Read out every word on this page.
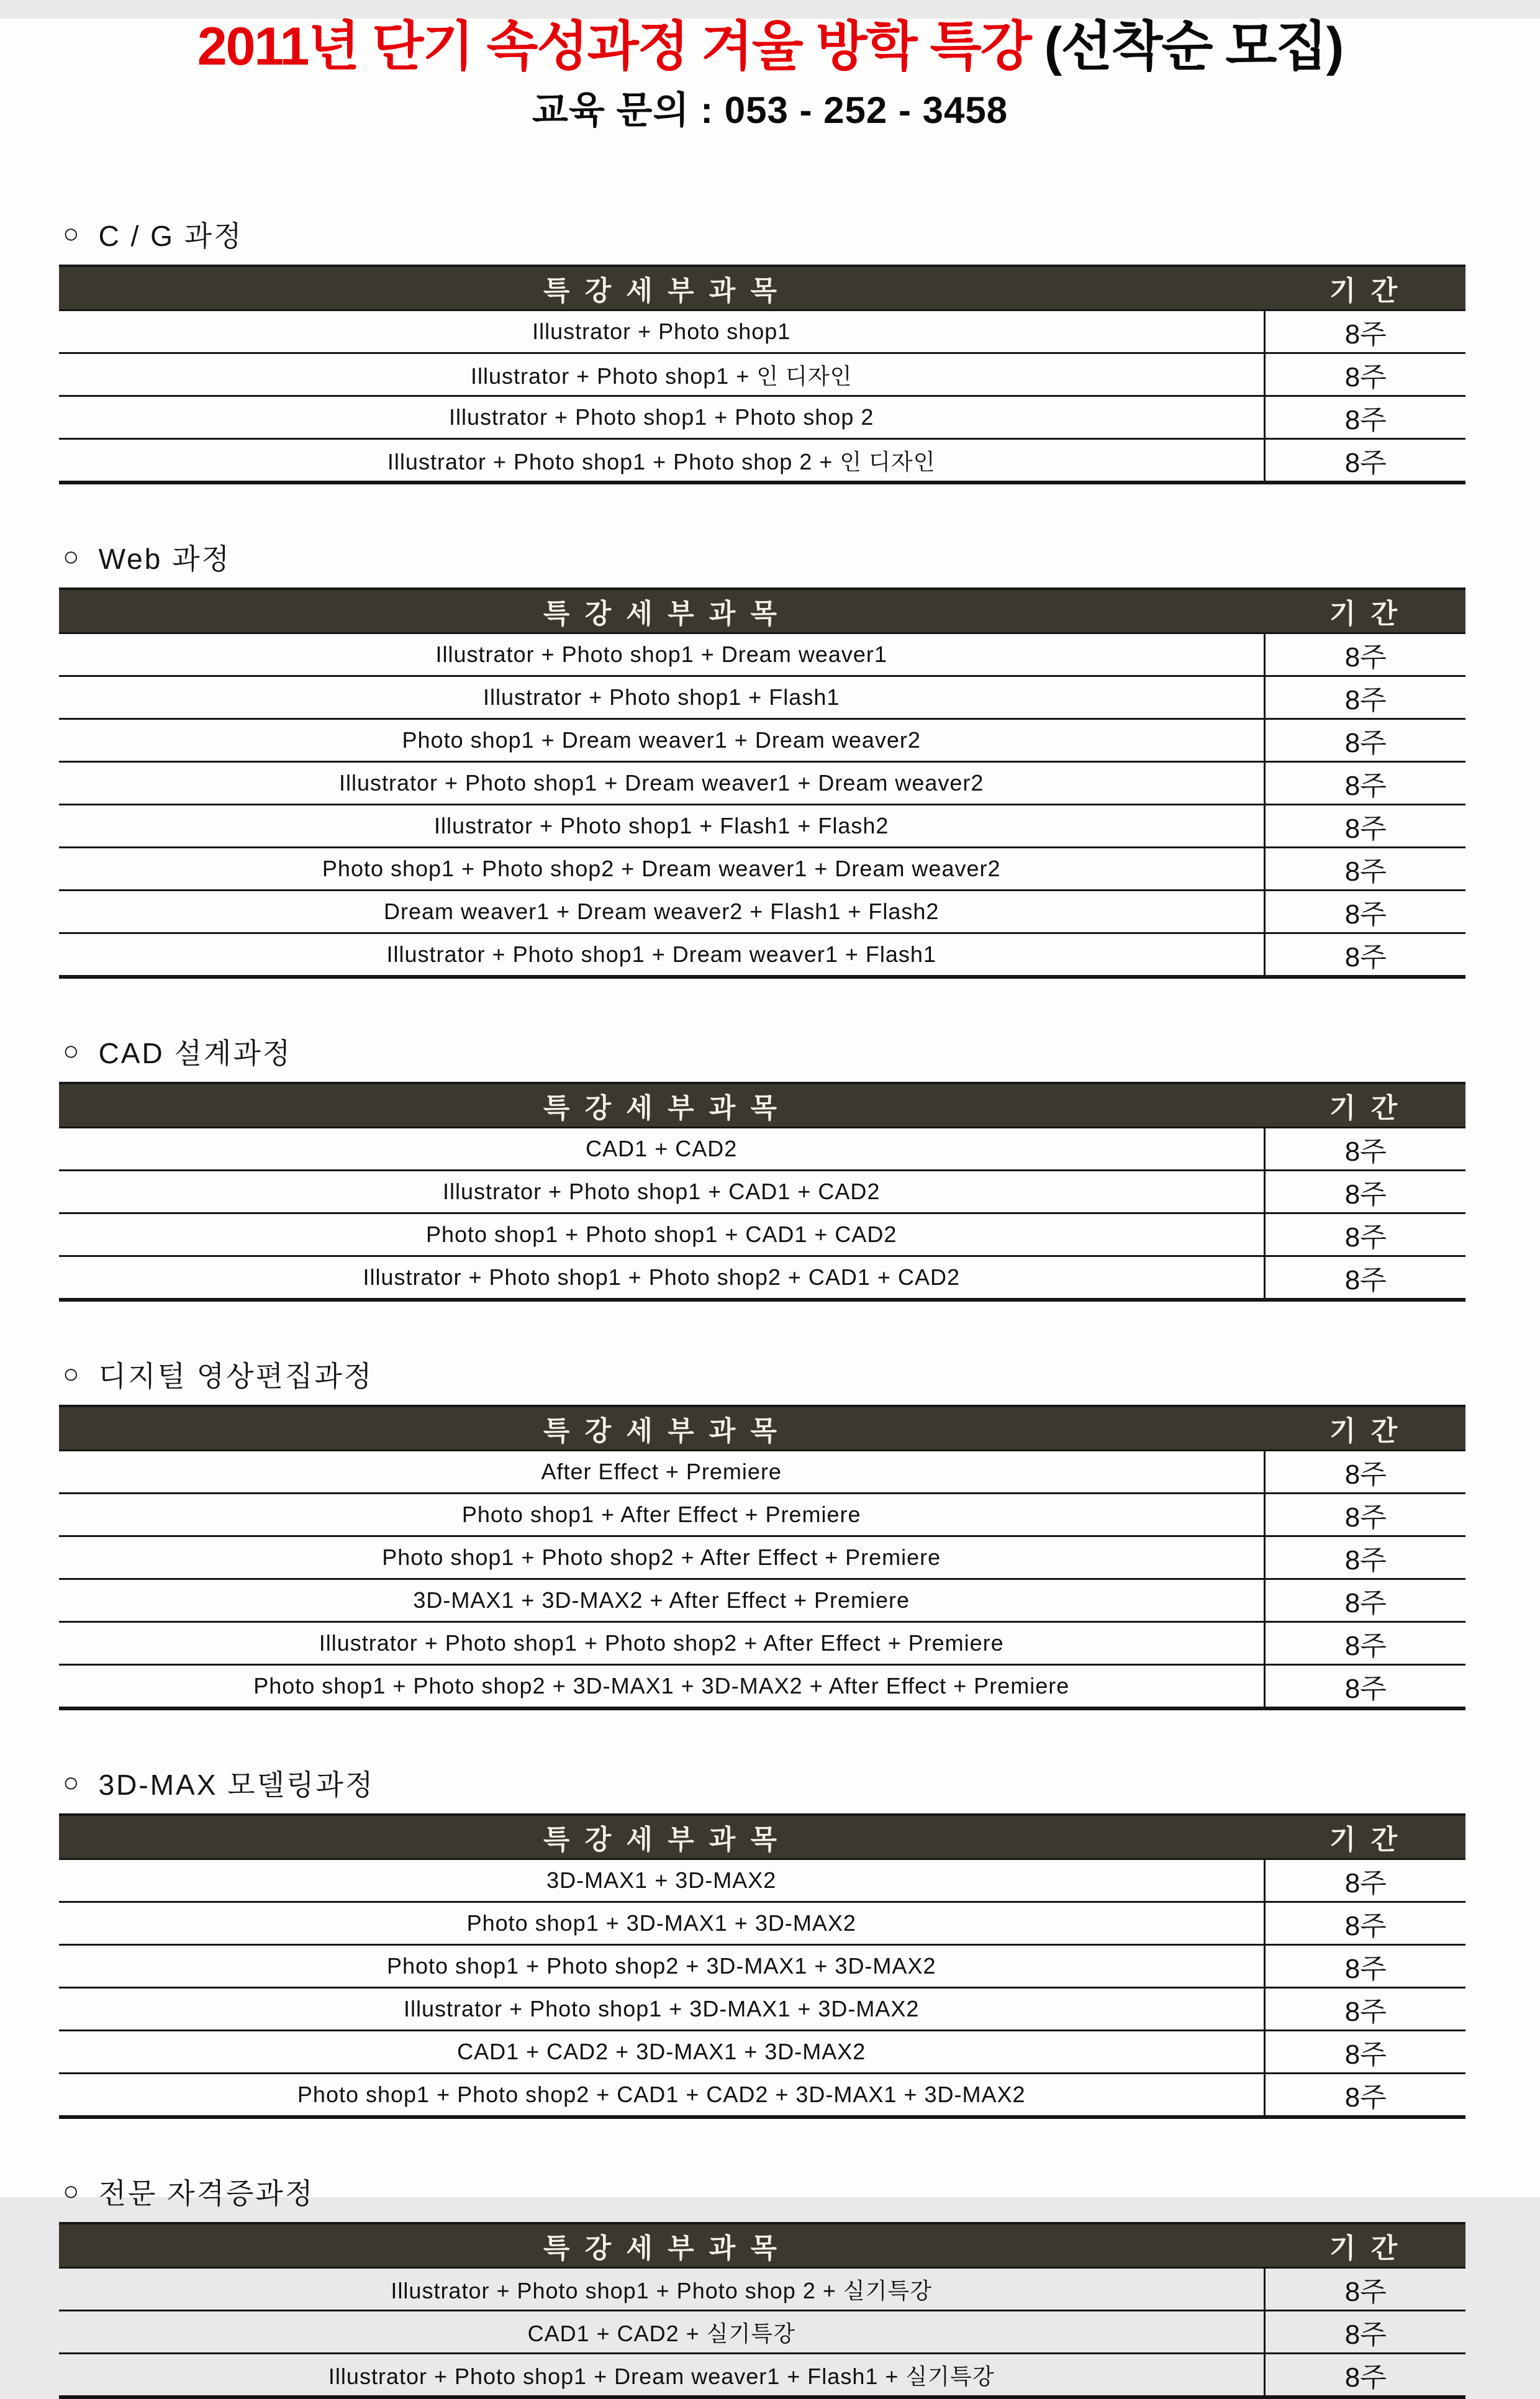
2011년 단기 속성과정 겨울 방학 특강 (선착순 모집)
교육 문의 : 053 - 252 - 3458
○ C / G 과정
특 강 세 부 과 목	기 간
Illustrator + Photo shop1	8주
Illustrator + Photo shop1 + 인 디자인	8주
Illustrator + Photo shop1 + Photo shop 2	8주
Illustrator + Photo shop1 + Photo shop 2 + 인 디자인	8주
○ Web 과정
특 강 세 부 과 목	기 간
Illustrator + Photo shop1 + Dream weaver1	8주
Illustrator + Photo shop1 + Flash1	8주
Photo shop1 + Dream weaver1 + Dream weaver2	8주
Illustrator + Photo shop1 + Dream weaver1 + Dream weaver2	8주
Illustrator + Photo shop1 + Flash1 + Flash2	8주
Photo shop1 + Photo shop2 + Dream weaver1 + Dream weaver2	8주
Dream weaver1 + Dream weaver2 + Flash1 + Flash2	8주
Illustrator + Photo shop1 + Dream weaver1 + Flash1	8주
○ CAD 설계과정
특 강 세 부 과 목	기 간
CAD1 + CAD2	8주
Illustrator + Photo shop1 + CAD1 + CAD2	8주
Photo shop1 + Photo shop1 + CAD1 + CAD2	8주
Illustrator + Photo shop1 + Photo shop2 + CAD1 + CAD2	8주
○ 디지털 영상편집과정
특 강 세 부 과 목	기 간
After Effect + Premiere	8주
Photo shop1 + After Effect + Premiere	8주
Photo shop1 + Photo shop2 + After Effect + Premiere	8주
3D-MAX1 + 3D-MAX2 + After Effect + Premiere	8주
Illustrator + Photo shop1 + Photo shop2 + After Effect + Premiere	8주
Photo shop1 + Photo shop2 + 3D-MAX1 + 3D-MAX2 + After Effect + Premiere	8주
○ 3D-MAX 모델링과정
특 강 세 부 과 목	기 간
3D-MAX1 + 3D-MAX2	8주
Photo shop1 + 3D-MAX1 + 3D-MAX2	8주
Photo shop1 + Photo shop2 + 3D-MAX1 + 3D-MAX2	8주
Illustrator + Photo shop1 + 3D-MAX1 + 3D-MAX2	8주
CAD1 + CAD2 + 3D-MAX1 + 3D-MAX2	8주
Photo shop1 + Photo shop2 + CAD1 + CAD2 + 3D-MAX1 + 3D-MAX2	8주
○ 전문 자격증과정
특 강 세 부 과 목	기 간
Illustrator + Photo shop1 + Photo shop 2 + 실기특강	8주
CAD1 + CAD2 + 실기특강	8주
Illustrator + Photo shop1 + Dream weaver1 + Flash1 + 실기특강	8주
